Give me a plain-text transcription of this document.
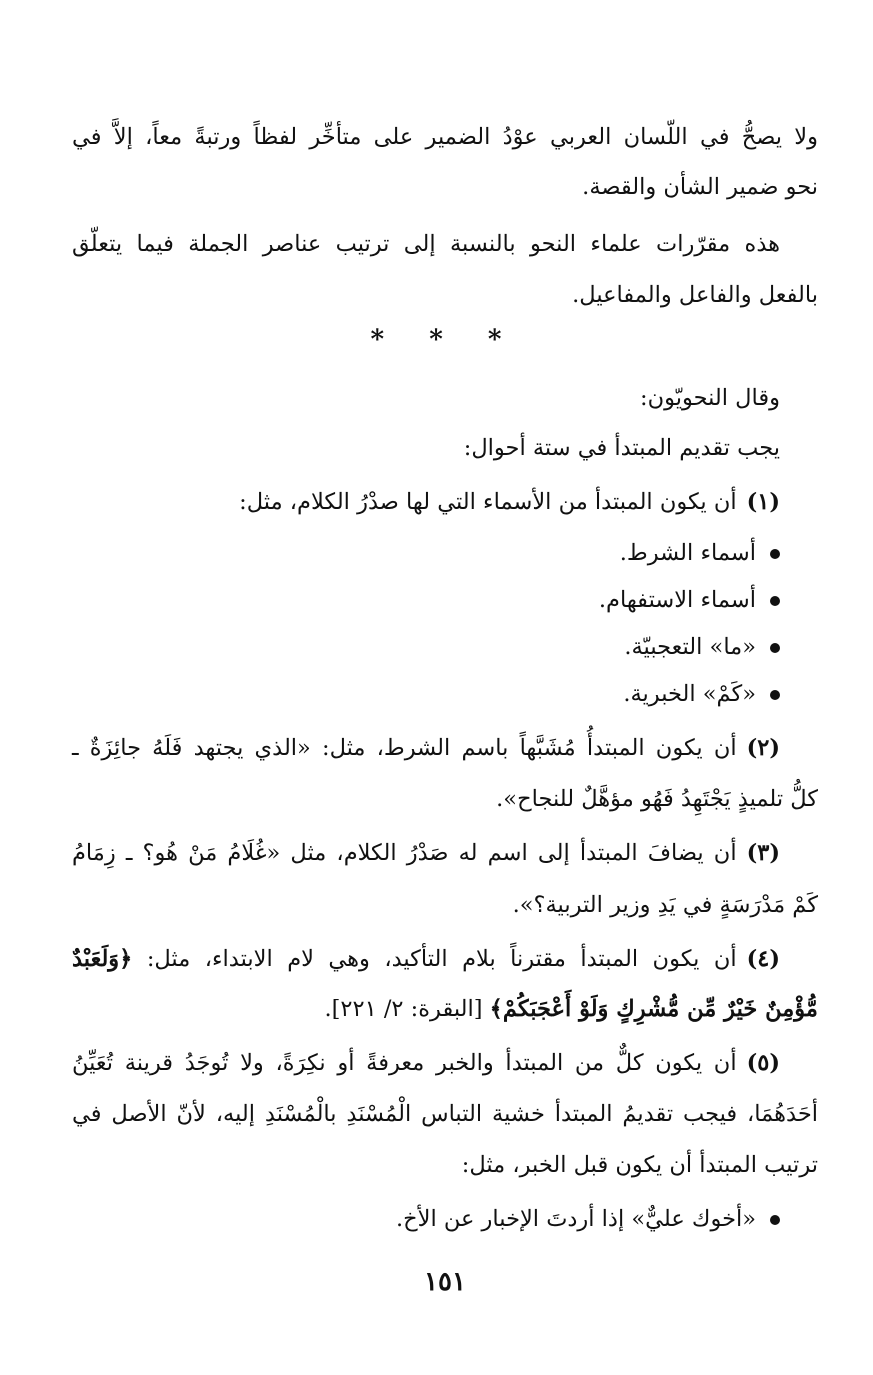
ولا يصحُّ في اللّسان العربي عوْدُ الضمير على متأخِّر لفظاً ورتبةً معاً، إلاَّ في
نحو ضمير الشأن والقصة.
هذه مقرّرات علماء النحو بالنسبة إلى ترتيب عناصر الجملة فيما يتعلّق
بالفعل والفاعل والمفاعيل.
* * *
وقال النحويّون:
يجب تقديم المبتدأ في ستة أحوال:
(١)أن يكون المبتدأ من الأسماء التي لها صدْرُ الكلام، مثل:
أسماء الشرط.
أسماء الاستفهام.
«ما» التعجبيّة.
«كَمْ» الخبرية.
(٢)أن يكون المبتدأُ مُشَبَّهاً باسم الشرط، مثل: «الذي يجتهد فَلَهُ جائِزَةٌ ـ
كلُّ تلميذٍ يَجْتَهِدُ فَهُو مؤهَّلٌ للنجاح».
(٣)أن يضافَ المبتدأ إلى اسم له صَدْرُ الكلام، مثل «غُلَامُ مَنْ هُو؟ ـ زِمَامُ
كَمْ مَدْرَسَةٍ في يَدِ وزير التربية؟».
(٤)أن يكون المبتدأ مقترناً بلام التأكيد، وهي لام الابتداء، مثل: ﴿وَلَعَبْدٌ
مُّؤْمِنٌ خَيْرٌ مِّن مُّشْرِكٍ وَلَوْ أَعْجَبَكُمْ﴾ [البقرة: ٢/ ٢٢١].
(٥)أن يكون كلٌّ من المبتدأ والخبر معرفةً أو نكِرَةً، ولا تُوجَدُ قرينة تُعَيِّنُ
أحَدَهُمَا، فيجب تقديمُ المبتدأ خشية التباس الْمُسْنَدِ بالْمُسْنَدِ إليه، لأنّ الأصل في
ترتيب المبتدأ أن يكون قبل الخبر، مثل:
«أخوك عليٌّ» إذا أردتَ الإخبار عن الأخ.
١٥١
